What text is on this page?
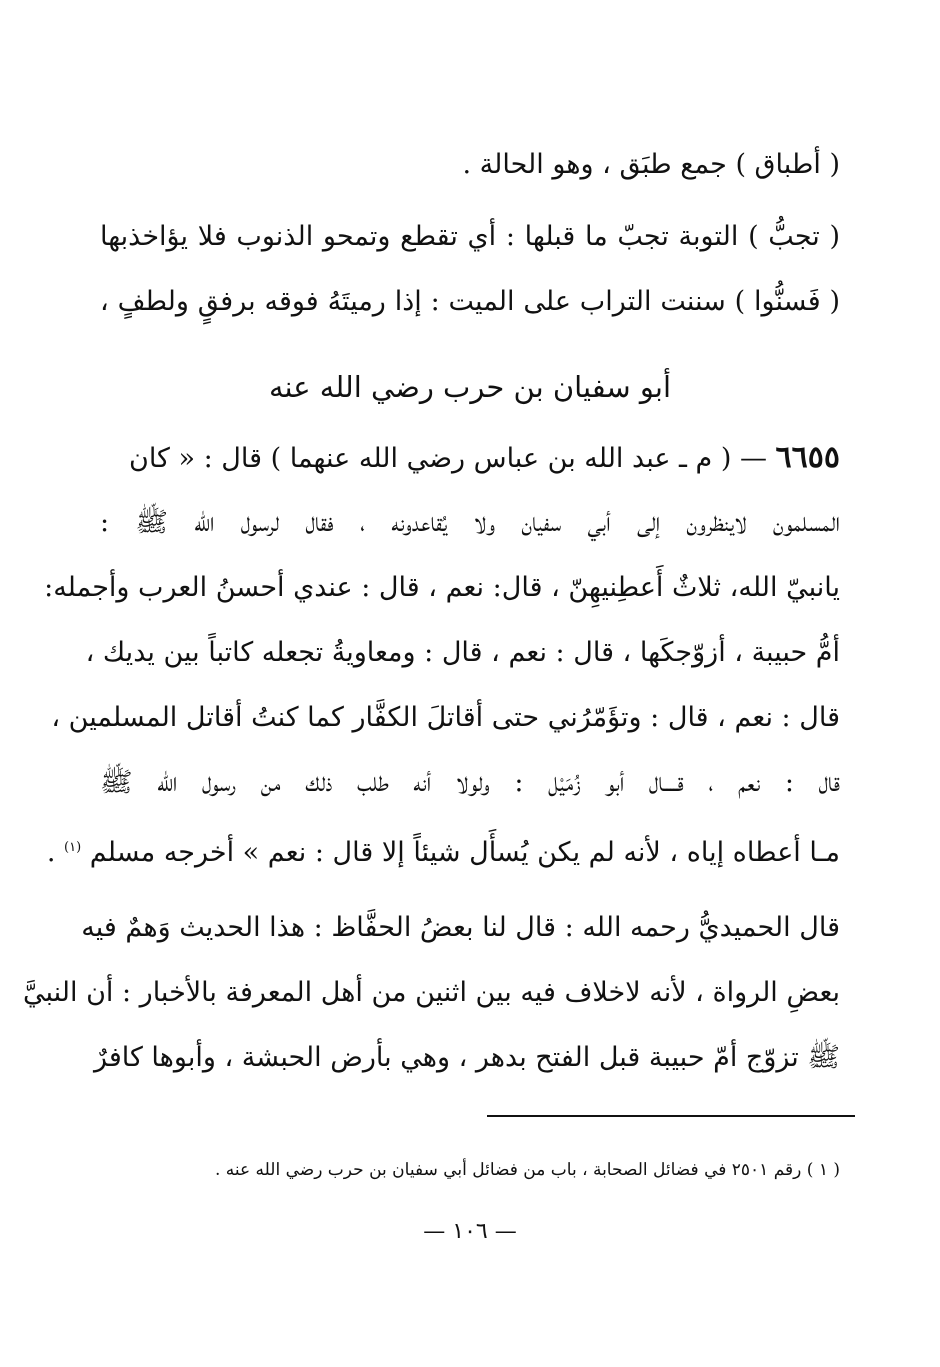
( أطباق ) جمع طبَق ، وهو الحالة .
( تجبُّ ) التوبة تجبّ ما قبلها : أي تقطع وتمحو الذنوب فلا يؤاخذبها
( فَسنُّوا ) سننت التراب على الميت : إذا رميتَهُ فوقه برفقٍ ولطفٍ ،
أبو سفيان بن حرب رضي الله عنه
٦٦٥٥ — ( م ـ عبد الله بن عباس رضي الله عنهما ) قال : « كان
المسلمون لاينظرون إلى أبي سفيان ولا يُقاعدونه ، فقال لرسول الله ﷺ :
يانبيّ الله، ثلاثٌ أَعطِنيهِنّ ، قال: نعم ، قال : عندي أحسنُ العرب وأجمله:
أمُّ حبيبة ، أزوّجكَها ، قال : نعم ، قال : ومعاويةُ تجعله كاتباً بين يديك ،
قال : نعم ، قال : وتؤَمّرُني حتى أقاتلَ الكفَّار كما كنتُ أقاتل المسلمين ،
قال : نعم ، قــــال أبو زُمَيْل : ولولا أنه طلب ذلك من رسول الله ﷺ
مـا أعطاه إياه ، لأنه لم يكن يُسأَل شيئاً إلا قال : نعم » أخرجه مسلم $^{(١)}$ .
قال الحميديُّ رحمه الله : قال لنا بعضُ الحفَّاظ : هذا الحديث وَهمٌ فيه
بعضِ الرواة ، لأنه لاخلاف فيه بين اثنين من أهل المعرفة بالأخبار : أن النبيَّ
ﷺ تزوّج أمّ حبيبة قبل الفتح بدهر ، وهي بأرض الحبشة ، وأبوها كافرٌ
( ١ ) رقم ٢٥٠١ في فضائل الصحابة ، باب من فضائل أبي سفيان بن حرب رضي الله عنه .
— ١٠٦ —
